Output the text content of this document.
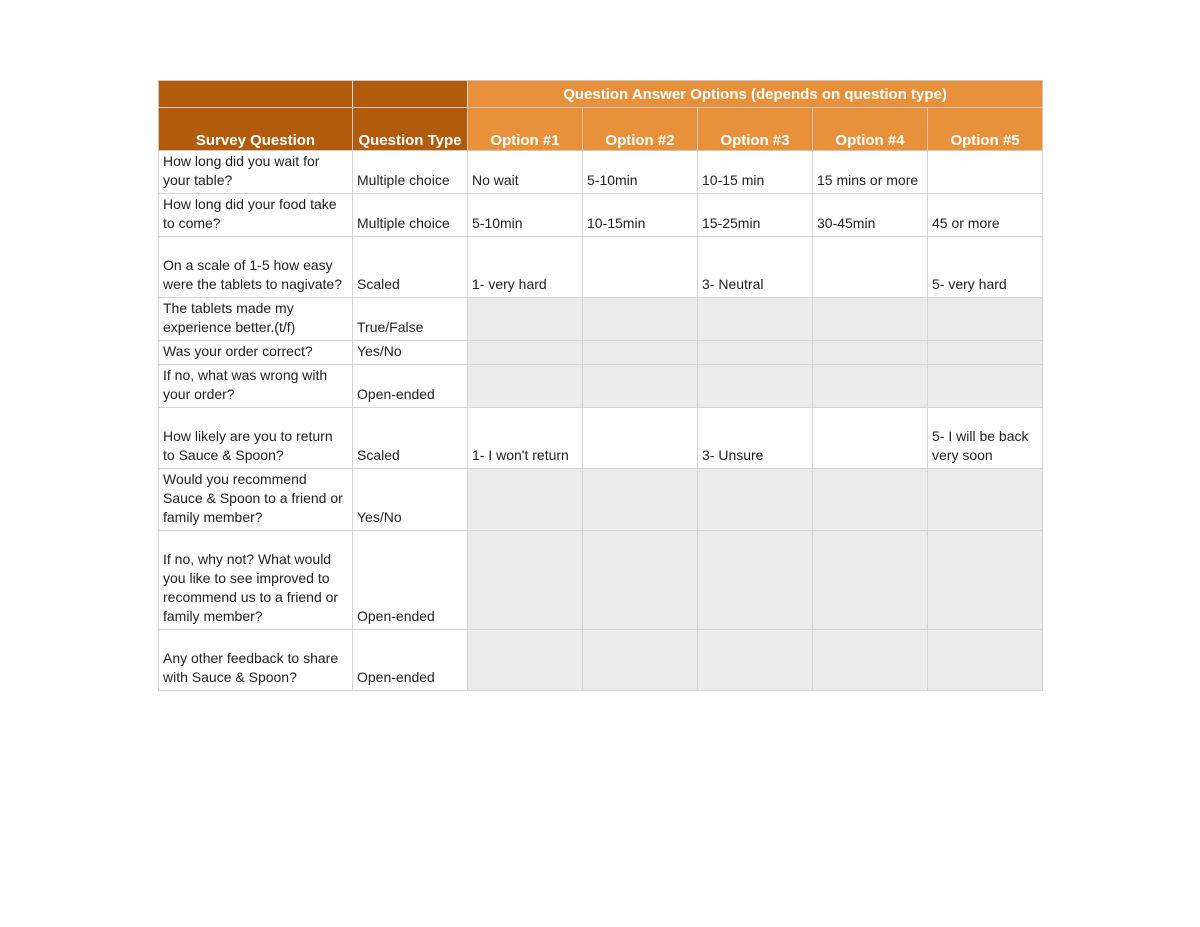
		Question Answer Options (depends on question type)				
Survey Question	Question Type	Option #1	Option #2	Option #3	Option #4	Option #5
How long did you wait for your table?	Multiple choice	No wait	5-10min	10-15 min	15 mins or more	
How long did your food take to come?	Multiple choice	5-10min	10-15min	15-25min	30-45min	45 or more
On a scale of 1-5 how easy were the tablets to nagivate?	Scaled	1- very hard		3- Neutral		5- very hard
The tablets made my experience better.(t/f)	True/False					
Was your order correct?	Yes/No					
If no, what was wrong with your order?	Open-ended					
How likely are you to return to Sauce & Spoon?	Scaled	1- I won't return		3- Unsure		5- I will be back very soon
Would you recommend Sauce & Spoon to a friend or family member?	Yes/No					
If no, why not? What would you like to see improved to recommend us to a friend or family member?	Open-ended					
Any other feedback to share with Sauce & Spoon?	Open-ended					
